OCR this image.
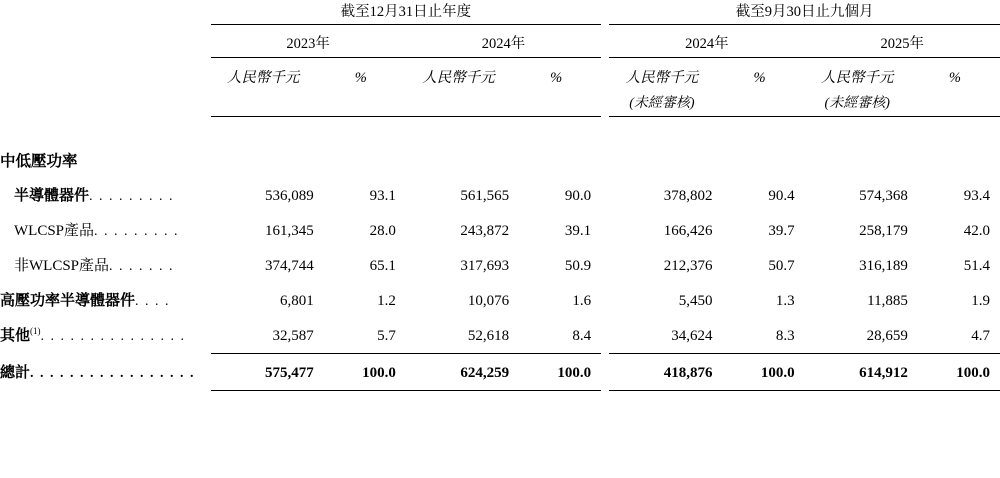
	截至12月31日止年度					截至9月30日止九個月			
	2023年		2024年			2024年		2025年	

	人民幣千元	%	人民幣千元	%		人民幣千元	%	人民幣千元	%
						(未經審核)		(未經審核)	

中低壓功率									
半導體器件. . . . . . . . .	536,089	93.1	561,565	90.0		378,802	90.4	574,368	93.4
WLCSP產品. . . . . . . . .	161,345	28.0	243,872	39.1		166,426	39.7	258,179	42.0
非WLCSP產品. . . . . . .	374,744	65.1	317,693	50.9		212,376	50.7	316,189	51.4
高壓功率半導體器件. . . .	6,801	1.2	10,076	1.6		5,450	1.3	11,885	1.9
其他$^{(1)}$. . . . . . . . . . . . . . .	32,587	5.7	52,618	8.4		34,624	8.3	28,659	4.7

總計. . . . . . . . . . . . . . . . .	575,477	100.0	624,259	100.0		418,876	100.0	614,912	100.0
